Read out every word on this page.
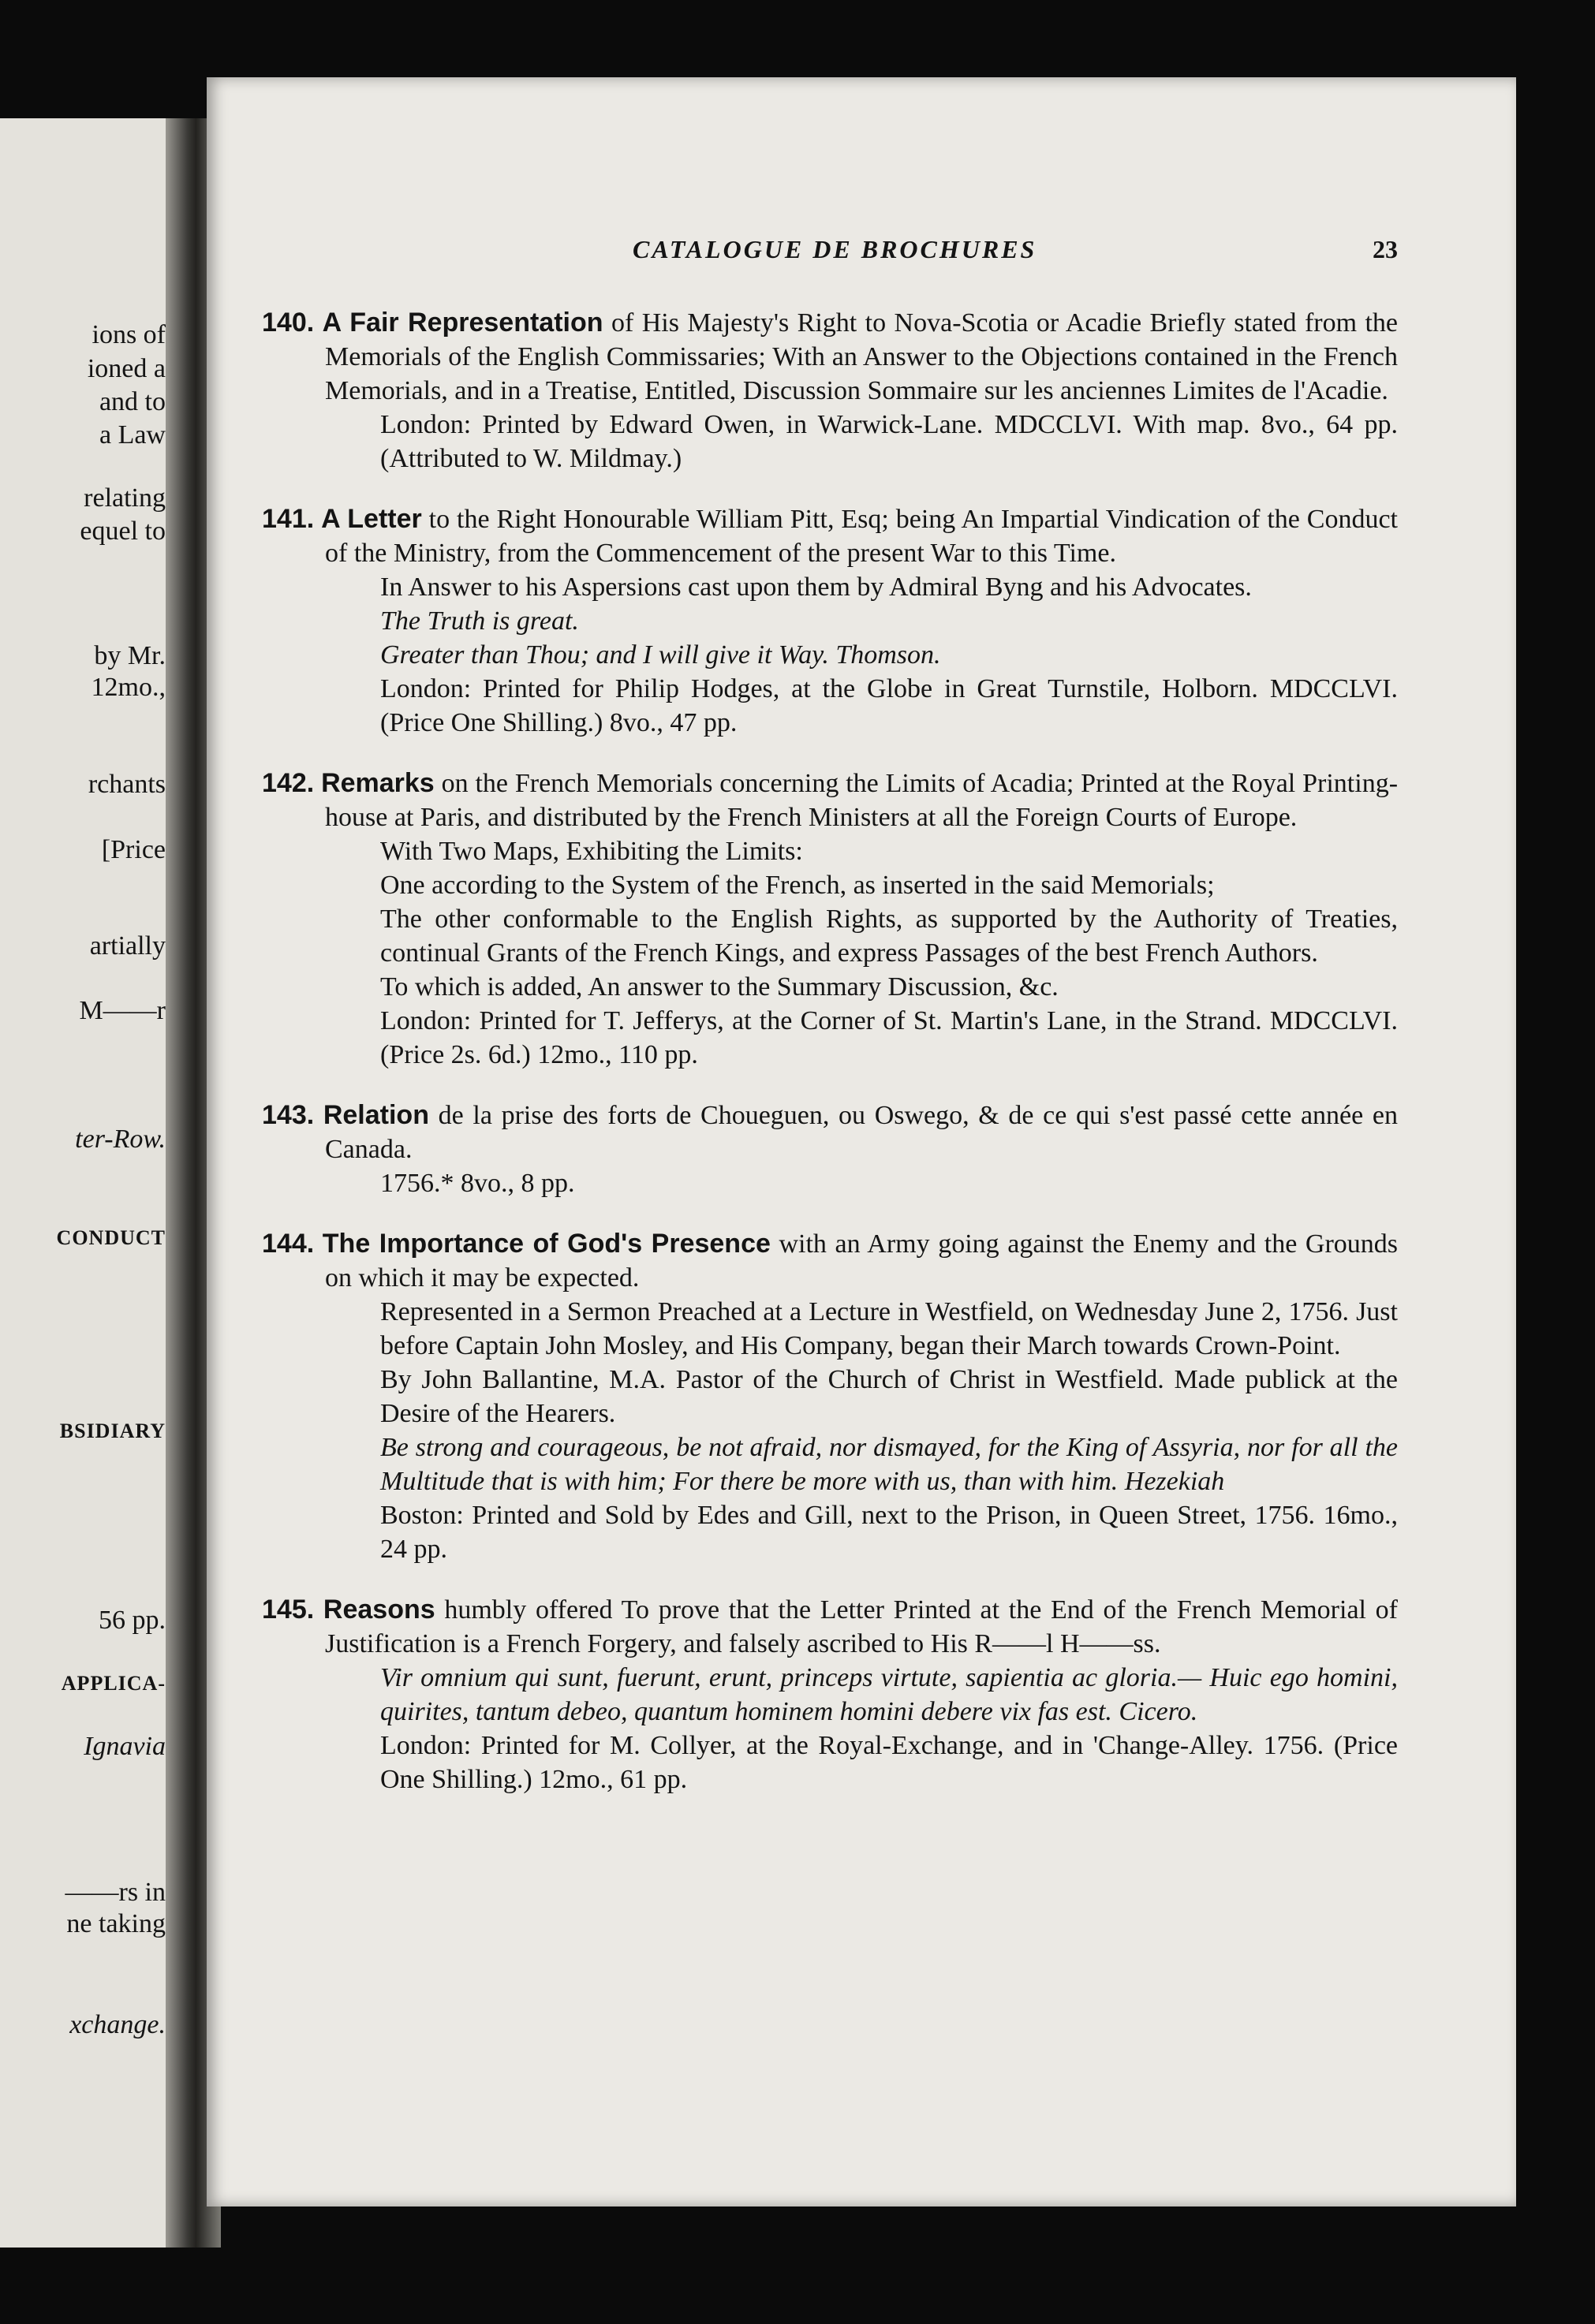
ions of
ioned a
and to
a Law
relating
equel to
by Mr.
12mo.,
rchants
[Price
artially
M——r
ter-Row.
CONDUCT
BSIDIARY
56 pp.
APPLICA-
Ignavia
——rs in
ne taking
xchange.
CATALOGUE DE BROCHURES	23

140. A Fair Representation of His Majesty's Right to Nova-Scotia or Acadie Briefly stated from the Memorials of the English Commissaries; With an Answer to the Objections contained in the French Memorials, and in a Treatise, Entitled, Discussion Sommaire sur les anciennes Limites de l'Acadie.

London: Printed by Edward Owen, in Warwick-Lane. MDCCLVI. With map. 8vo., 64 pp. (Attributed to W. Mildmay.)

141. A Letter to the Right Honourable William Pitt, Esq; being An Impartial Vindication of the Conduct of the Ministry, from the Commencement of the present War to this Time.

In Answer to his Aspersions cast upon them by Admiral Byng and his Advocates.

The Truth is great.

Greater than Thou; and I will give it Way. Thomson.

London: Printed for Philip Hodges, at the Globe in Great Turnstile, Holborn. MDCCLVI. (Price One Shilling.) 8vo., 47 pp.

142. Remarks on the French Memorials concerning the Limits of Acadia; Printed at the Royal Printing-house at Paris, and distributed by the French Ministers at all the Foreign Courts of Europe.

With Two Maps, Exhibiting the Limits:

One according to the System of the French, as inserted in the said Memorials;

The other conformable to the English Rights, as supported by the Authority of Treaties, continual Grants of the French Kings, and express Passages of the best French Authors.

To which is added, An answer to the Summary Discussion, &c.

London: Printed for T. Jefferys, at the Corner of St. Martin's Lane, in the Strand. MDCCLVI. (Price 2s. 6d.) 12mo., 110 pp.

143. Relation de la prise des forts de Choueguen, ou Oswego, & de ce qui s'est passé cette année en Canada.

1756.* 8vo., 8 pp.

144. The Importance of God's Presence with an Army going against the Enemy and the Grounds on which it may be expected.

Represented in a Sermon Preached at a Lecture in Westfield, on Wednesday June 2, 1756. Just before Captain John Mosley, and His Company, began their March towards Crown-Point.

By John Ballantine, M.A. Pastor of the Church of Christ in Westfield. Made publick at the Desire of the Hearers.

Be strong and courageous, be not afraid, nor dismayed, for the King of Assyria, nor for all the Multitude that is with him; For there be more with us, than with him. Hezekiah

Boston: Printed and Sold by Edes and Gill, next to the Prison, in Queen Street, 1756. 16mo., 24 pp.

145. Reasons humbly offered To prove that the Letter Printed at the End of the French Memorial of Justification is a French Forgery, and falsely ascribed to His R——l H——ss.

Vir omnium qui sunt, fuerunt, erunt, princeps virtute, sapientia ac gloria.— Huic ego homini, quirites, tantum debeo, quantum hominem homini debere vix fas est. Cicero.

London: Printed for M. Collyer, at the Royal-Exchange, and in 'Change-Alley. 1756. (Price One Shilling.) 12mo., 61 pp.
